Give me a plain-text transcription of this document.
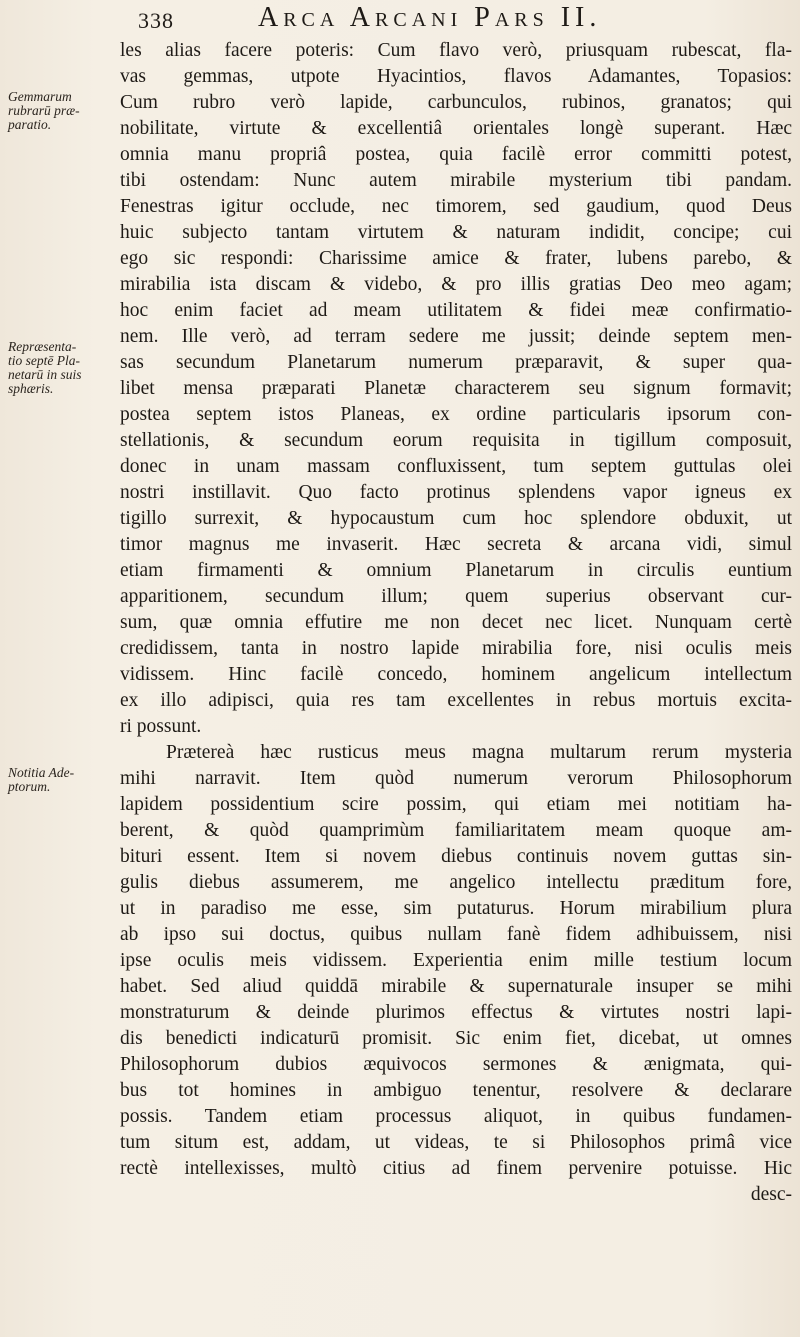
338	Arca Arcani Pars II.
Gemmarum
rubrarū præ-
paratio.
Repræsenta-
tio septē Pla-
netarū in suis
sphæris.
Notitia Ade-
ptorum.
les alias facere poteris: Cum flavo verò, priusquam rubescat, fla-
vas gemmas, utpote Hyacintios, flavos Adamantes, Topasios:
Cum rubro verò lapide, carbunculos, rubinos, granatos; qui
nobilitate, virtute & excellentiâ orientales longè superant. Hæc
omnia manu propriâ postea, quia facilè error committi potest,
tibi ostendam: Nunc autem mirabile mysterium tibi pandam.
Fenestras igitur occlude, nec timorem, sed gaudium, quod Deus
huic subjecto tantam virtutem & naturam indidit, concipe; cui
ego sic respondi: Charissime amice & frater, lubens parebo, &
mirabilia ista discam & videbo, & pro illis gratias Deo meo agam;
hoc enim faciet ad meam utilitatem & fidei meæ confirmatio-
nem. Ille verò, ad terram sedere me jussit; deinde septem men-
sas secundum Planetarum numerum præparavit, & super qua-
libet mensa præparati Planetæ characterem seu signum formavit;
postea septem istos Planeas, ex ordine particularis ipsorum con-
stellationis, & secundum eorum requisita in tigillum composuit,
donec in unam massam confluxissent, tum septem guttulas olei
nostri instillavit. Quo facto protinus splendens vapor igneus ex
tigillo surrexit, & hypocaustum cum hoc splendore obduxit, ut
timor magnus me invaserit. Hæc secreta & arcana vidi, simul
etiam firmamenti & omnium Planetarum in circulis euntium
apparitionem, secundum illum; quem superius observant cur-
sum, quæ omnia effutire me non decet nec licet. Nunquam certè
credidissem, tanta in nostro lapide mirabilia fore, nisi oculis meis
vidissem. Hinc facilè concedo, hominem angelicum intellectum
ex illo adipisci, quia res tam excellentes in rebus mortuis excita-
ri possunt.
Prætereà hæc rusticus meus magna multarum rerum mysteria
mihi narravit. Item quòd numerum verorum Philosophorum
lapidem possidentium scire possim, qui etiam mei notitiam ha-
berent, & quòd quamprimùm familiaritatem meam quoque am-
bituri essent. Item si novem diebus continuis novem guttas sin-
gulis diebus assumerem, me angelico intellectu præditum fore,
ut in paradiso me esse, sim putaturus. Horum mirabilium plura
ab ipso sui doctus, quibus nullam fanè fidem adhibuissem, nisi
ipse oculis meis vidissem. Experientia enim mille testium locum
habet. Sed aliud quiddā mirabile & supernaturale insuper se mihi
monstraturum & deinde plurimos effectus & virtutes nostri lapi-
dis benedicti indicaturū promisit. Sic enim fiet, dicebat, ut omnes
Philosophorum dubios æquivocos sermones & ænigmata, qui-
bus tot homines in ambiguo tenentur, resolvere & declarare
possis. Tandem etiam processus aliquot, in quibus fundamen-
tum situm est, addam, ut videas, te si Philosophos primâ vice
rectè intellexisses, multò citius ad finem pervenire potuisse. Hic
desc-
